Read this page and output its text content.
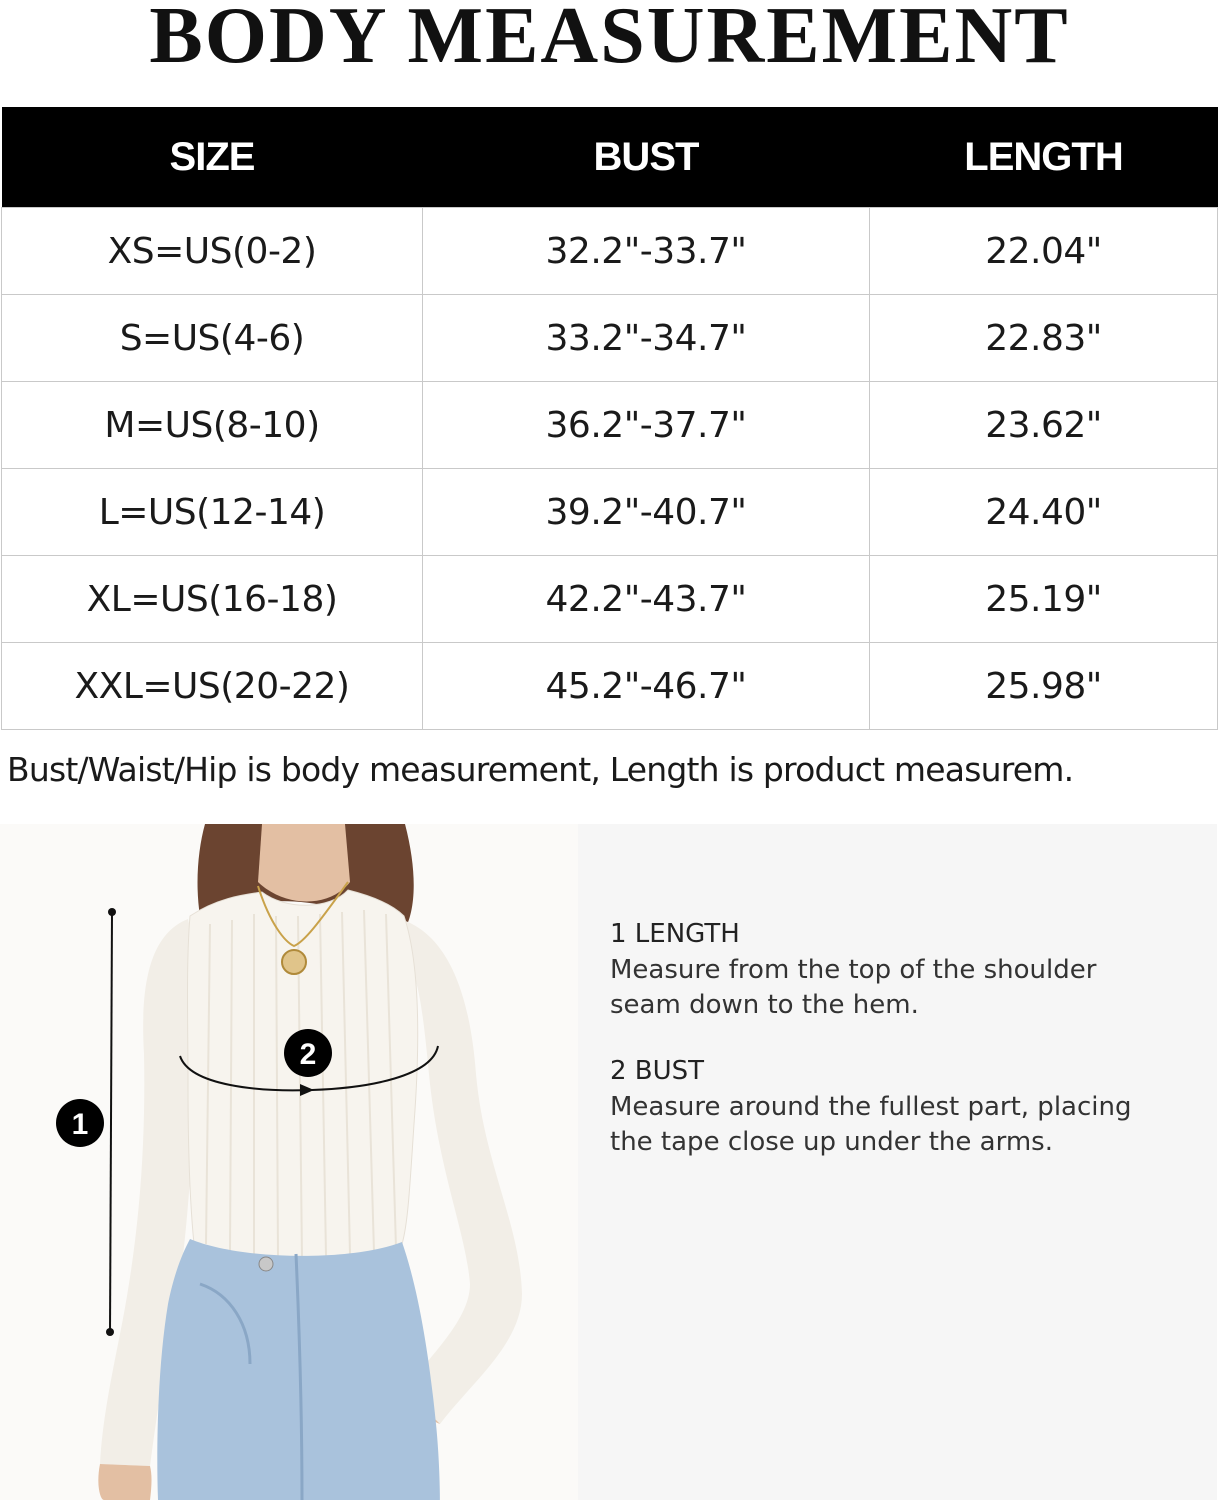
BODY MEASUREMENT
SIZE	BUST	LENGTH
XS=US(0-2)	32.2"-33.7"	22.04"
S=US(4-6)	33.2"-34.7"	22.83"
M=US(8-10)	36.2"-37.7"	23.62"
L=US(12-14)	39.2"-40.7"	24.40"
XL=US(16-18)	42.2"-43.7"	25.19"
XXL=US(20-22)	45.2"-46.7"	25.98"
Bust/Waist/Hip is body measurement, Length is product measurem.
1
2
1 LENGTH
Measure from the top of the shoulder seam down to the hem.
2 BUST
Measure around the fullest part, placing the tape close up under the arms.
